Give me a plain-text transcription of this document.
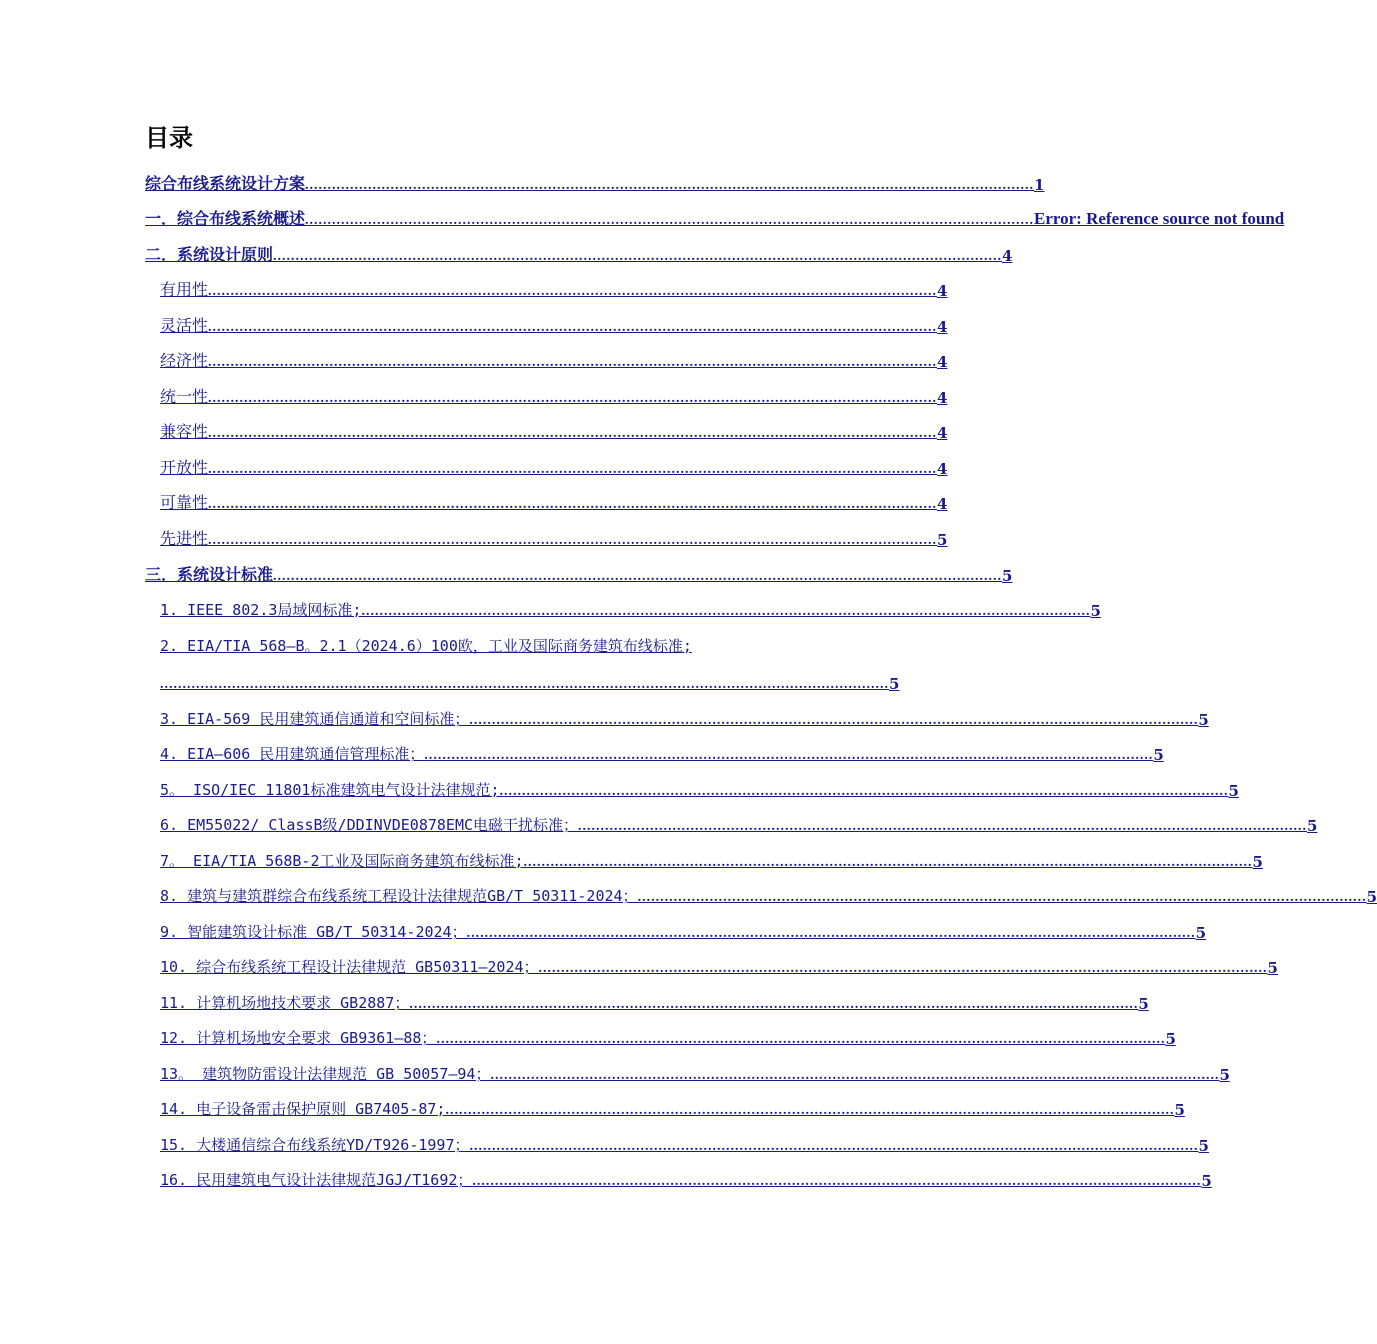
目录
综合布线系统设计方案 .................................................................................................................................................................. 1
一．综合布线系统概述 .................................................................................................................................................................. Error: Reference source not found
二．系统设计原则 .................................................................................................................................................................. 4
有用性 .................................................................................................................................................................. 4
灵活性 .................................................................................................................................................................. 4
经济性 .................................................................................................................................................................. 4
统一性 .................................................................................................................................................................. 4
兼容性 .................................................................................................................................................................. 4
开放性 .................................................................................................................................................................. 4
可靠性 .................................................................................................................................................................. 4
先进性 .................................................................................................................................................................. 5
三．系统设计标准 .................................................................................................................................................................. 5
1. IEEE 802.3局域网标准; .................................................................................................................................................................. 5
2. EIA/TIA 568—B。2.1（2024.6）100欧，工业及国际商务建筑布线标准;
.................................................................................................................................................................. 5
3. EIA-569 民用建筑通信通道和空间标准； .................................................................................................................................................................. 5
4. EIA—606 民用建筑通信管理标准； .................................................................................................................................................................. 5
5。 ISO/IEC 11801标准建筑电气设计法律规范; .................................................................................................................................................................. 5
6. EM55022/ ClassB级/DDINVDE0878EMC电磁干扰标准； .................................................................................................................................................................. 5
7。 EIA/TIA 568B-2工业及国际商务建筑布线标准; .................................................................................................................................................................. 5
8. 建筑与建筑群综合布线系统工程设计法律规范GB/T 50311-2024； .................................................................................................................................................................. 5
9. 智能建筑设计标准 GB/T 50314-2024； .................................................................................................................................................................. 5
10. 综合布线系统工程设计法律规范 GB50311—2024； .................................................................................................................................................................. 5
11. 计算机场地技术要求 GB2887； .................................................................................................................................................................. 5
12. 计算机场地安全要求 GB9361—88； .................................................................................................................................................................. 5
13。 建筑物防雷设计法律规范 GB 50057—94； .................................................................................................................................................................. 5
14. 电子设备雷击保护原则 GB7405-87; .................................................................................................................................................................. 5
15. 大楼通信综合布线系统YD/T926-1997； .................................................................................................................................................................. 5
16. 民用建筑电气设计法律规范JGJ/T1692； .................................................................................................................................................................. 5
